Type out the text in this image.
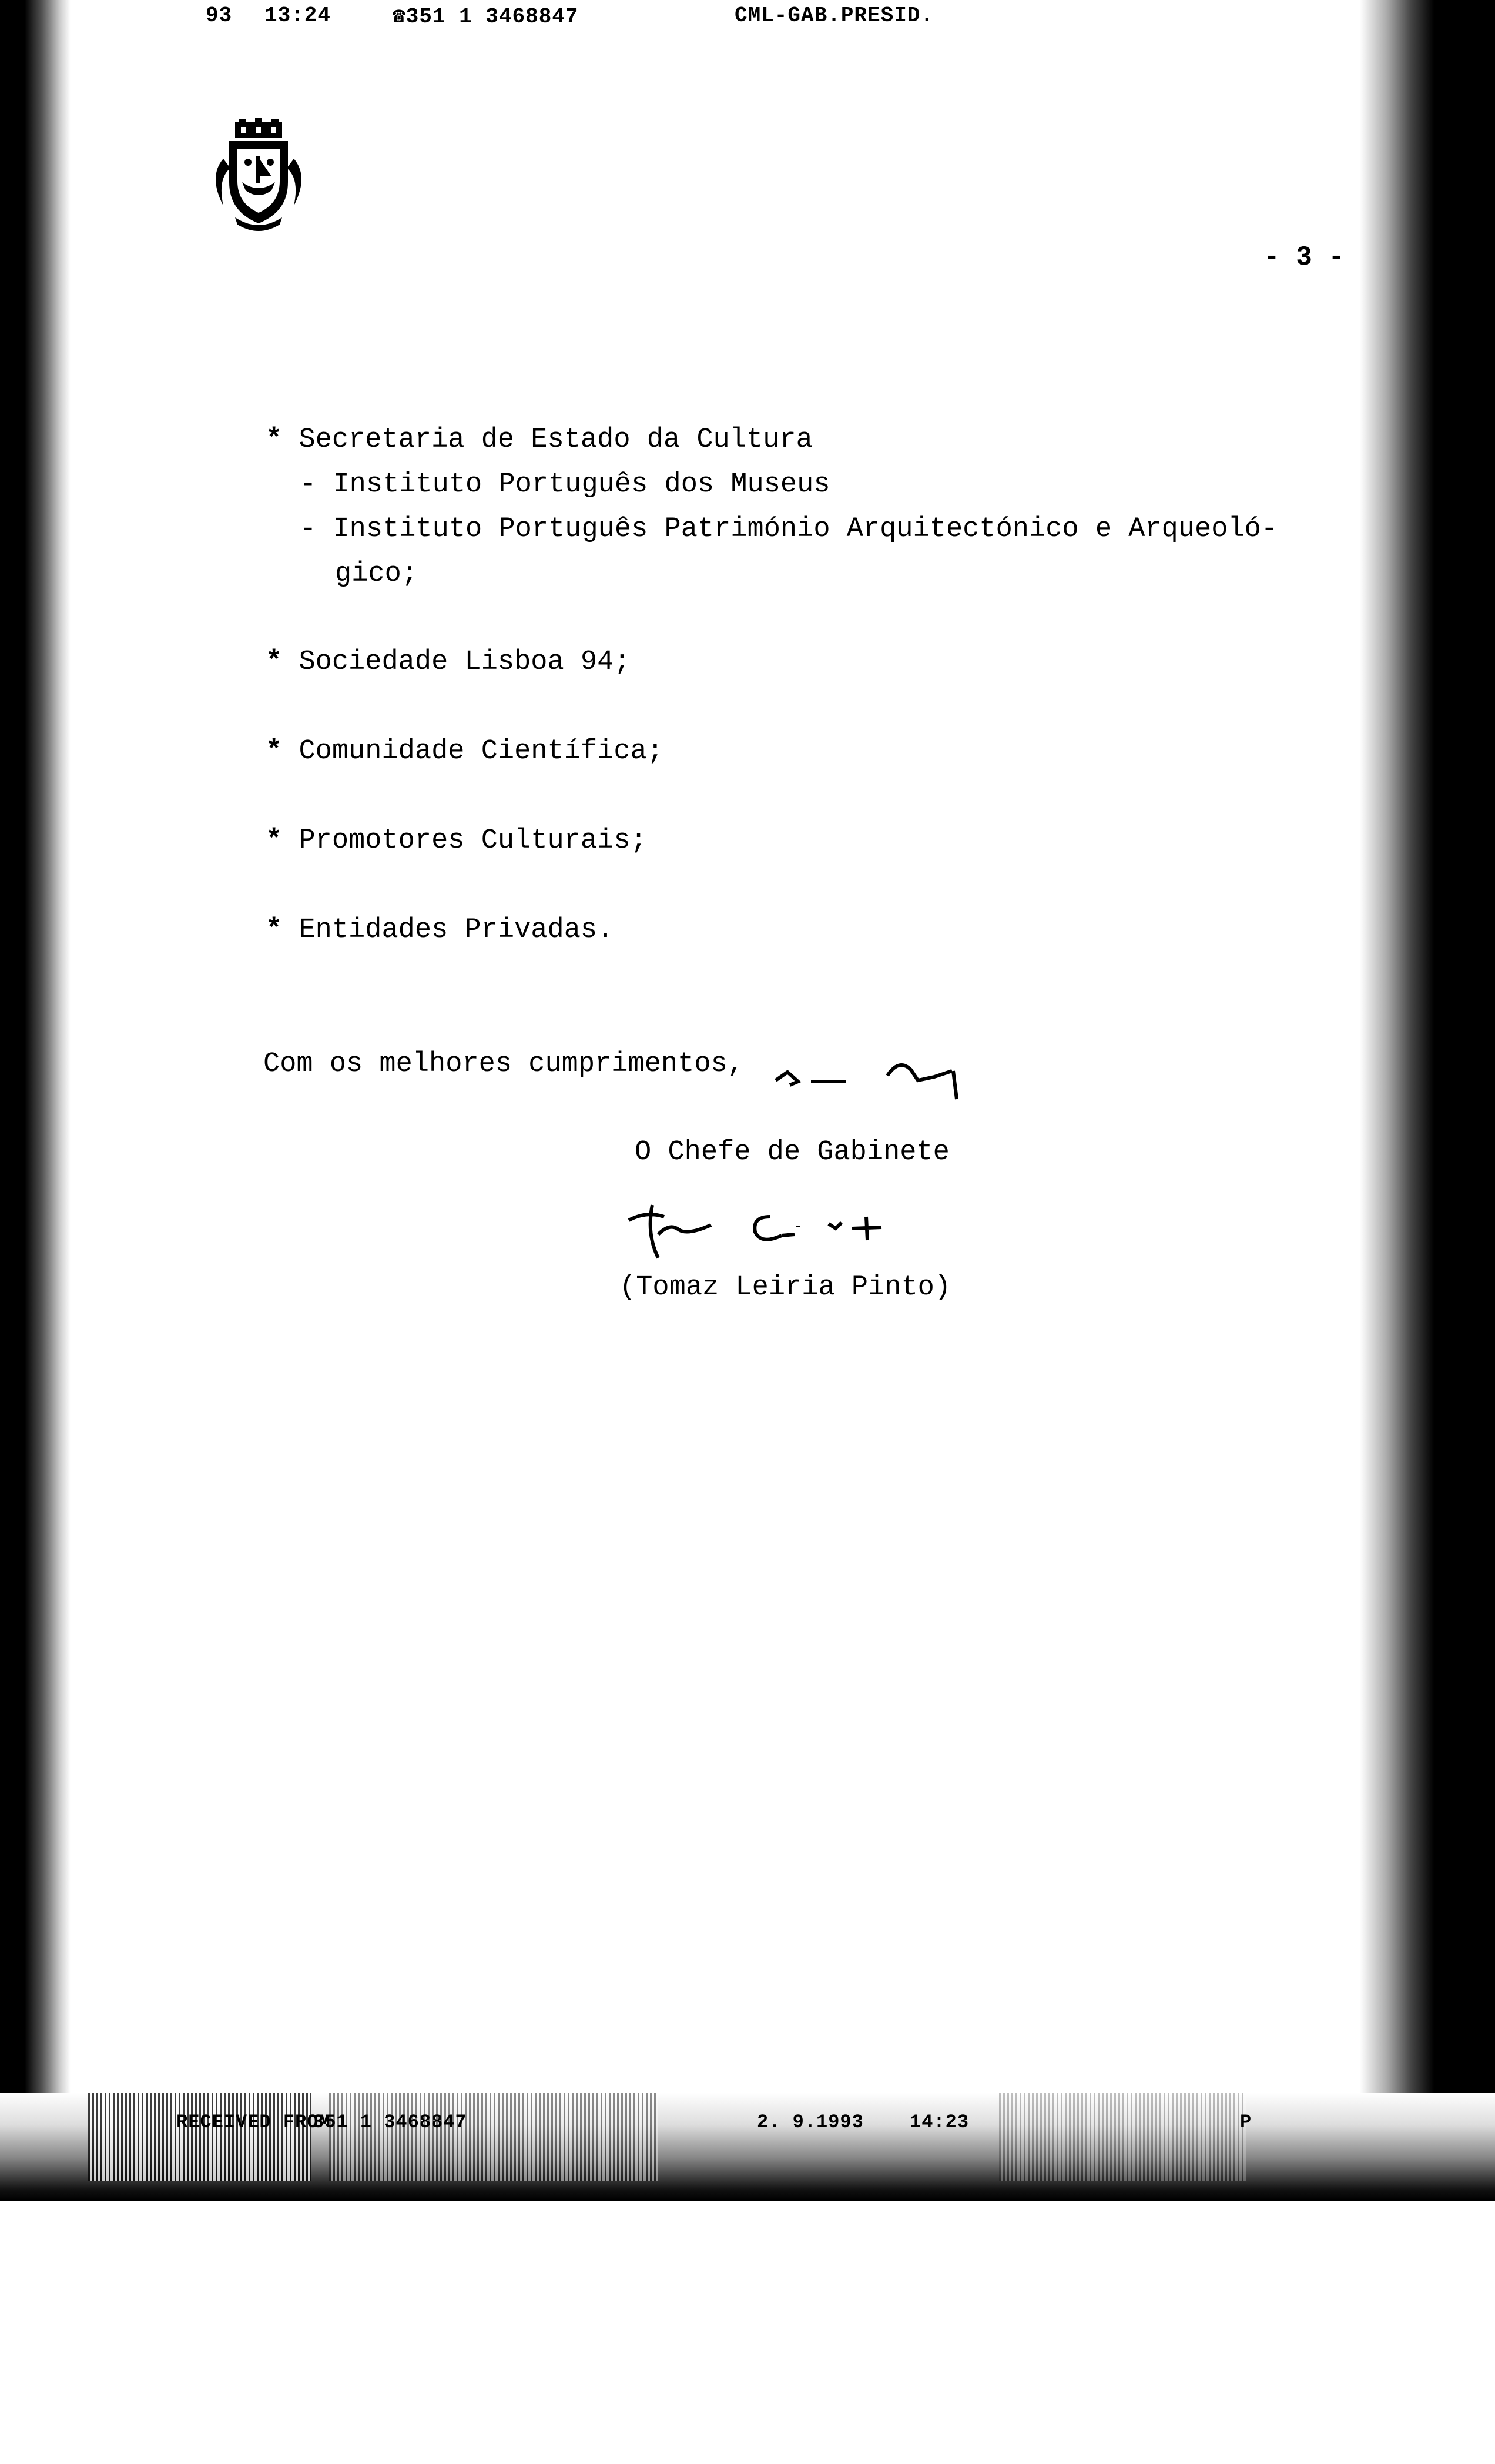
93 13:24	☎351 1 3468847	CML-GAB.PRESID.
- 3 -
* Secretaria de Estado da Cultura
- Instituto Português dos Museus
- Instituto Português Património Arquitectónico e Arqueoló-
gico;
* Sociedade Lisboa 94;
* Comunidade Científica;
* Promotores Culturais;
* Entidades Privadas.
Com os melhores cumprimentos,
O Chefe de Gabinete
(Tomaz Leiria Pinto)
RECEIVED FROM
351 1 3468847	2. 9.1993 14:23	P
